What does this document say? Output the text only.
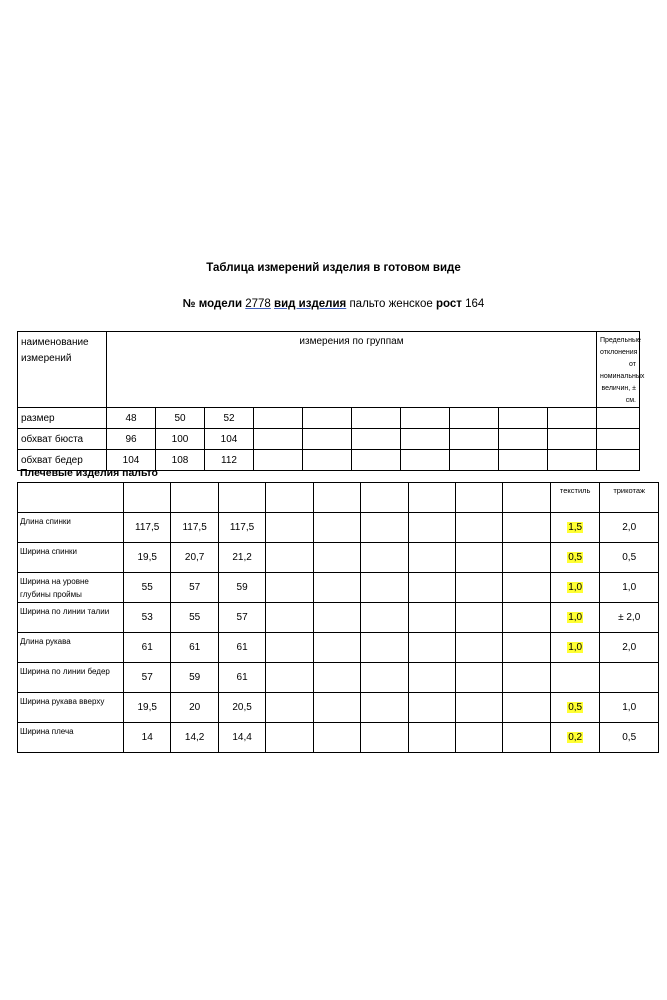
Таблица измерений изделия в готовом виде
№ модели 2778 вид изделия пальто женское рост 164
наименование измерений	измерения по группам										Предельные отклонения от номинальных величин, ± см.
размер	48	50	52								
обхват бюста	96	100	104								
обхват бедер	104	108	112								
Плечевые изделия пальто
										текстиль	трикотаж
Длина спинки	117,5	117,5	117,5							1,5	2,0
Ширина спинки	19,5	20,7	21,2							0,5	0,5
Ширина на уровне глубины проймы	55	57	59							1,0	1,0
Ширина по линии талии	53	55	57							1,0	± 2,0
Длина рукава	61	61	61							1,0	2,0
Ширина по линии бедер	57	59	61								
Ширина рукава вверху	19,5	20	20,5							0,5	1,0
Ширина плеча	14	14,2	14,4							0,2	0,5
